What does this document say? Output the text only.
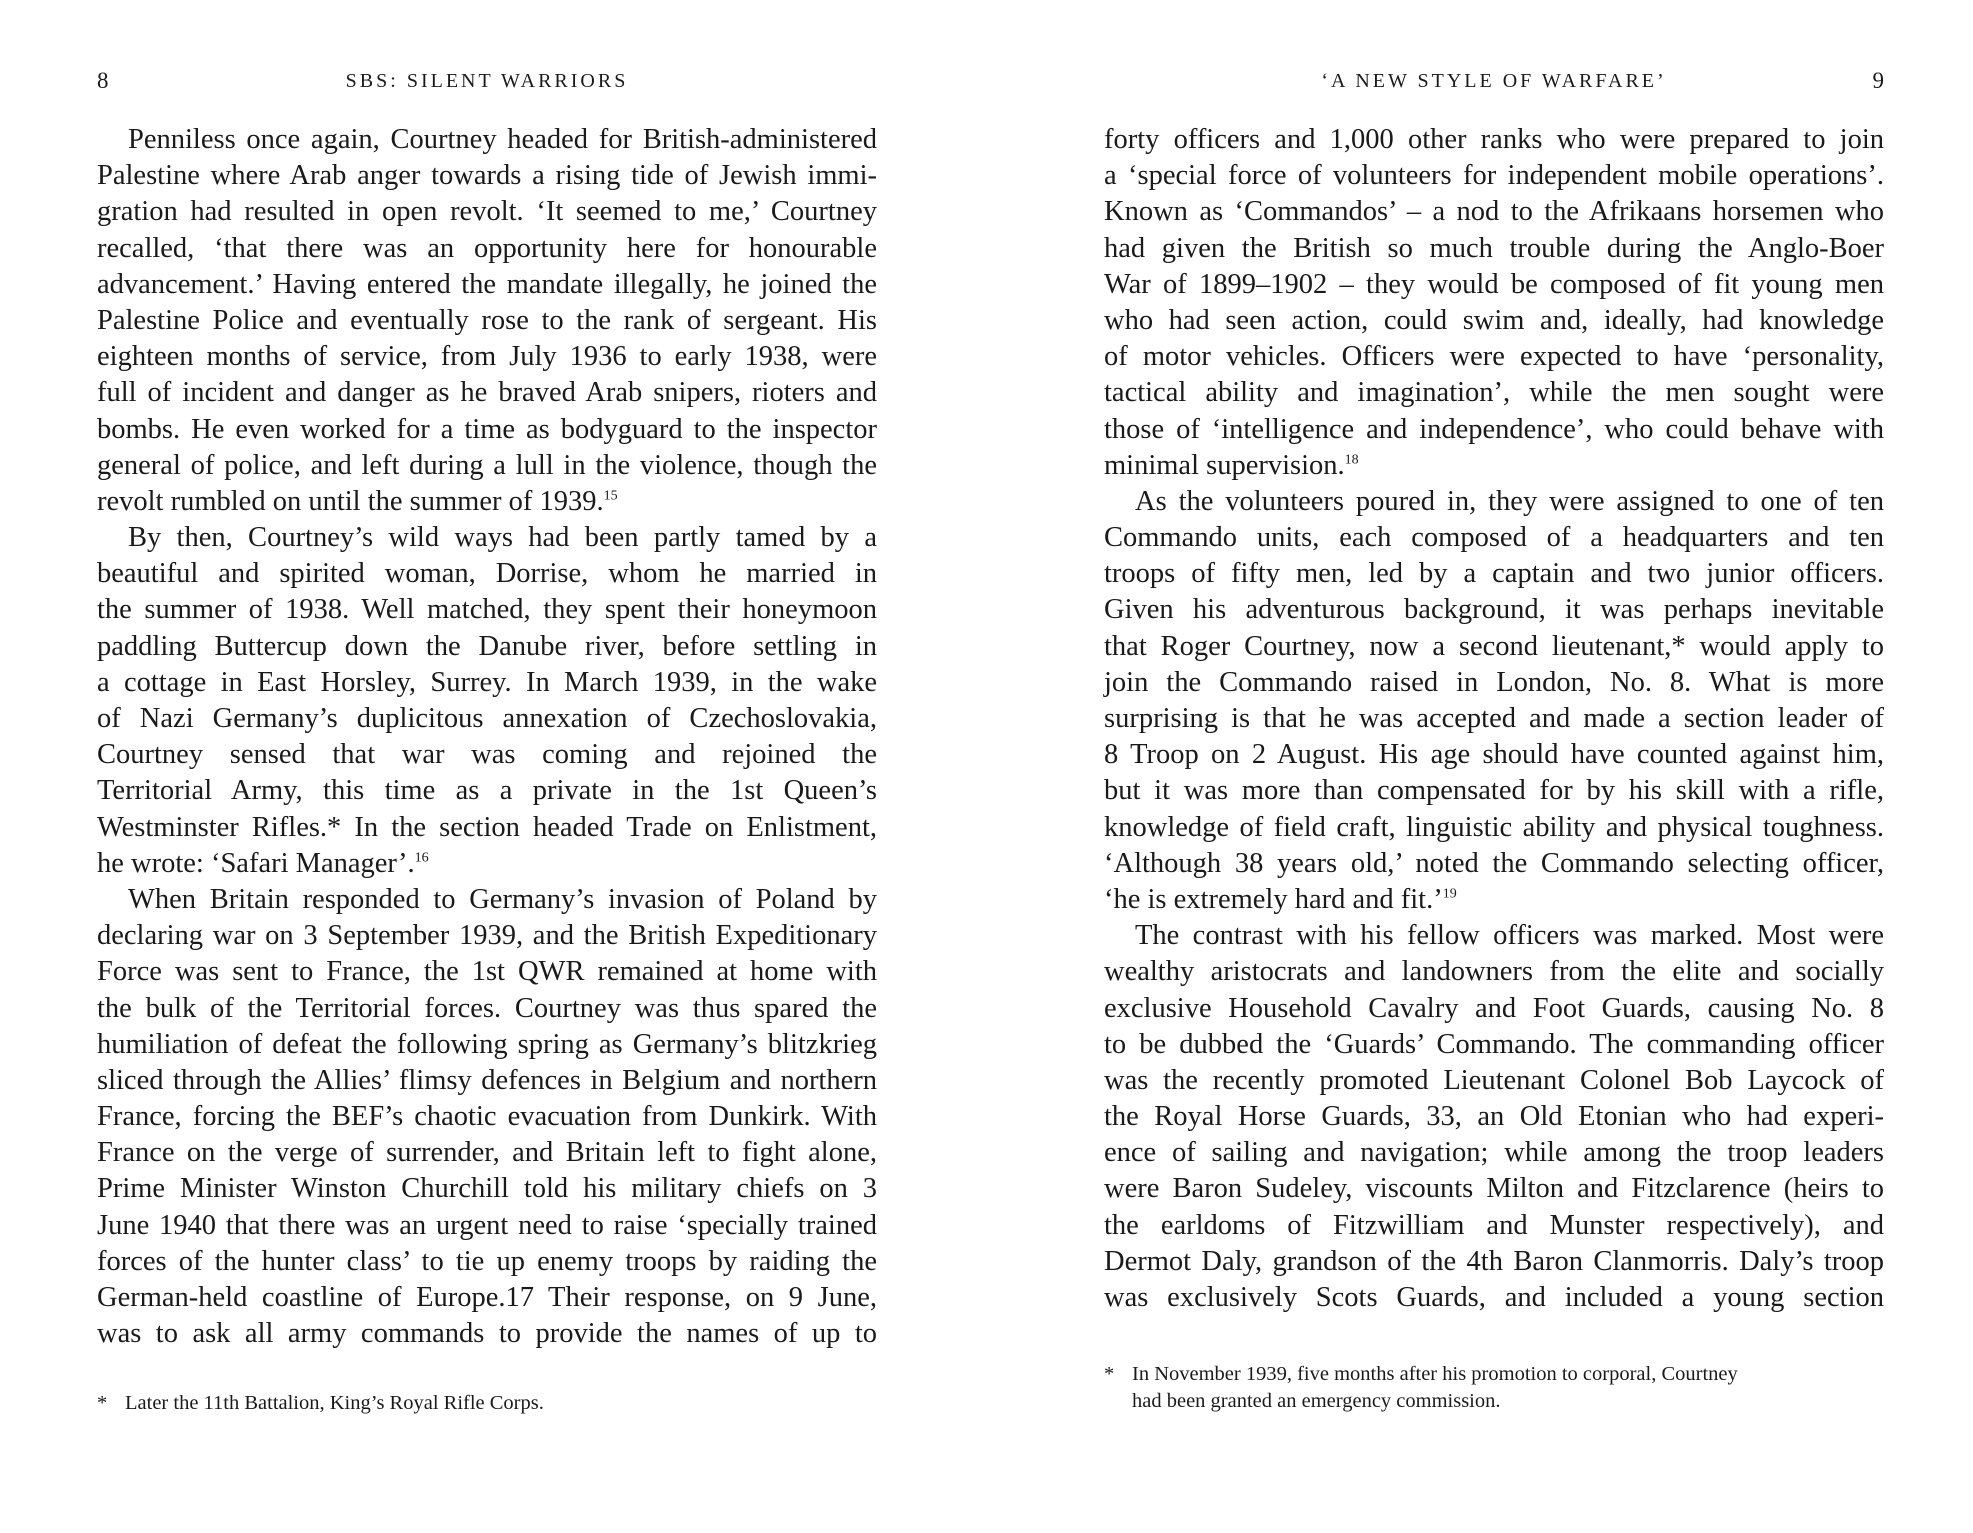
8	SBS: SILENT WARRIORS
Penniless once again, Courtney headed for British-administered
Palestine where Arab anger towards a rising tide of Jewish immi-
gration had resulted in open revolt. ‘It seemed to me,’ Courtney
recalled, ‘that there was an opportunity here for honourable
advancement.’ Having entered the mandate illegally, he joined the
Palestine Police and eventually rose to the rank of sergeant. His
eighteen months of service, from July 1936 to early 1938, were
full of incident and danger as he braved Arab snipers, rioters and
bombs. He even worked for a time as bodyguard to the inspector
general of police, and left during a lull in the violence, though the
revolt rumbled on until the summer of 1939.15
By then, Courtney’s wild ways had been partly tamed by a
beautiful and spirited woman, Dorrise, whom he married in
the summer of 1938. Well matched, they spent their honeymoon
paddling Buttercup down the Danube river, before settling in
a cottage in East Horsley, Surrey. In March 1939, in the wake
of Nazi Germany’s duplicitous annexation of Czechoslovakia,
Courtney sensed that war was coming and rejoined the
Territorial Army, this time as a private in the 1st Queen’s
Westminster Rifles.* In the section headed Trade on Enlistment,
he wrote: ‘Safari Manager’.$^{16}$
When Britain responded to Germany’s invasion of Poland by
declaring war on 3 September 1939, and the British Expeditionary
Force was sent to France, the 1st QWR remained at home with
the bulk of the Territorial forces. Courtney was thus spared the
humiliation of defeat the following spring as Germany’s blitzkrieg
sliced through the Allies’ flimsy defences in Belgium and northern
France, forcing the BEF’s chaotic evacuation from Dunkirk. With
France on the verge of surrender, and Britain left to fight alone,
Prime Minister Winston Churchill told his military chiefs on 3
June 1940 that there was an urgent need to raise ‘specially trained
forces of the hunter class’ to tie up enemy troops by raiding the
German-held coastline of Europe.17 Their response, on 9 June,
was to ask all army commands to provide the names of up to
* Later the 11th Battalion, King’s Royal Rifle Corps.
‘A NEW STYLE OF WARFARE’	9
forty officers and 1,000 other ranks who were prepared to join
a ‘special force of volunteers for independent mobile operations’.
Known as ‘Commandos’ – a nod to the Afrikaans horsemen who
had given the British so much trouble during the Anglo-Boer
War of 1899–1902 – they would be composed of fit young men
who had seen action, could swim and, ideally, had knowledge
of motor vehicles. Officers were expected to have ‘personality,
tactical ability and imagination’, while the men sought were
those of ‘intelligence and independence’, who could behave with
minimal supervision.$^{18}$
As the volunteers poured in, they were assigned to one of ten
Commando units, each composed of a headquarters and ten
troops of fifty men, led by a captain and two junior officers.
Given his adventurous background, it was perhaps inevitable
that Roger Courtney, now a second lieutenant,* would apply to
join the Commando raised in London, No. 8. What is more
surprising is that he was accepted and made a section leader of
8 Troop on 2 August. His age should have counted against him,
but it was more than compensated for by his skill with a rifle,
knowledge of field craft, linguistic ability and physical toughness.
‘Although 38 years old,’ noted the Commando selecting officer,
‘he is extremely hard and fit.’$^{19}$
The contrast with his fellow officers was marked. Most were
wealthy aristocrats and landowners from the elite and socially
exclusive Household Cavalry and Foot Guards, causing No. 8
to be dubbed the ‘Guards’ Commando. The commanding officer
was the recently promoted Lieutenant Colonel Bob Laycock of
the Royal Horse Guards, 33, an Old Etonian who had experi-
ence of sailing and navigation; while among the troop leaders
were Baron Sudeley, viscounts Milton and Fitzclarence (heirs to
the earldoms of Fitzwilliam and Munster respectively), and
Dermot Daly, grandson of the 4th Baron Clanmorris. Daly’s troop
was exclusively Scots Guards, and included a young section
* In November 1939, five months after his promotion to corporal, Courtney
had been granted an emergency commission.
